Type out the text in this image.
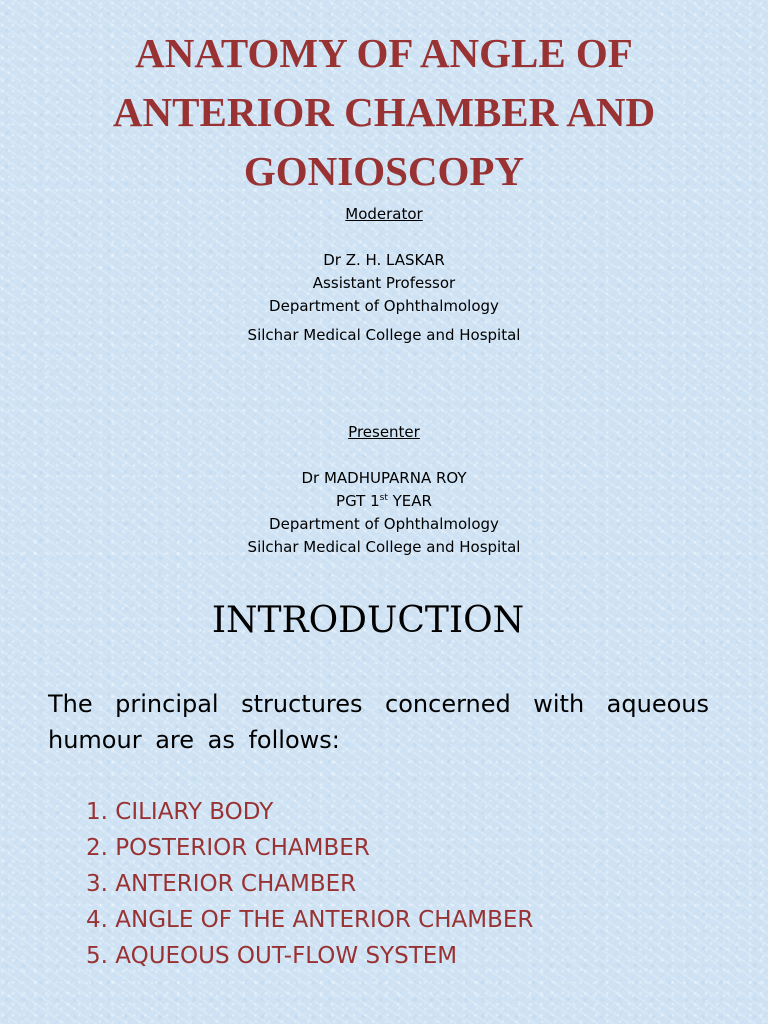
ANATOMY OF ANGLE OF ANTERIOR CHAMBER AND GONIOSCOPY
Moderator

Dr Z. H. LASKAR
Assistant Professor
Department of Ophthalmology
Silchar Medical College and Hospital
Presenter

Dr MADHUPARNA ROY
PGT 1st YEAR
Department of Ophthalmology
Silchar Medical College and Hospital
INTRODUCTION

The principal structures concerned with aqueous humour are as follows:

1. CILIARY BODY
2. POSTERIOR CHAMBER
3. ANTERIOR CHAMBER
4. ANGLE OF THE ANTERIOR CHAMBER
5. AQUEOUS OUT-FLOW SYSTEM
